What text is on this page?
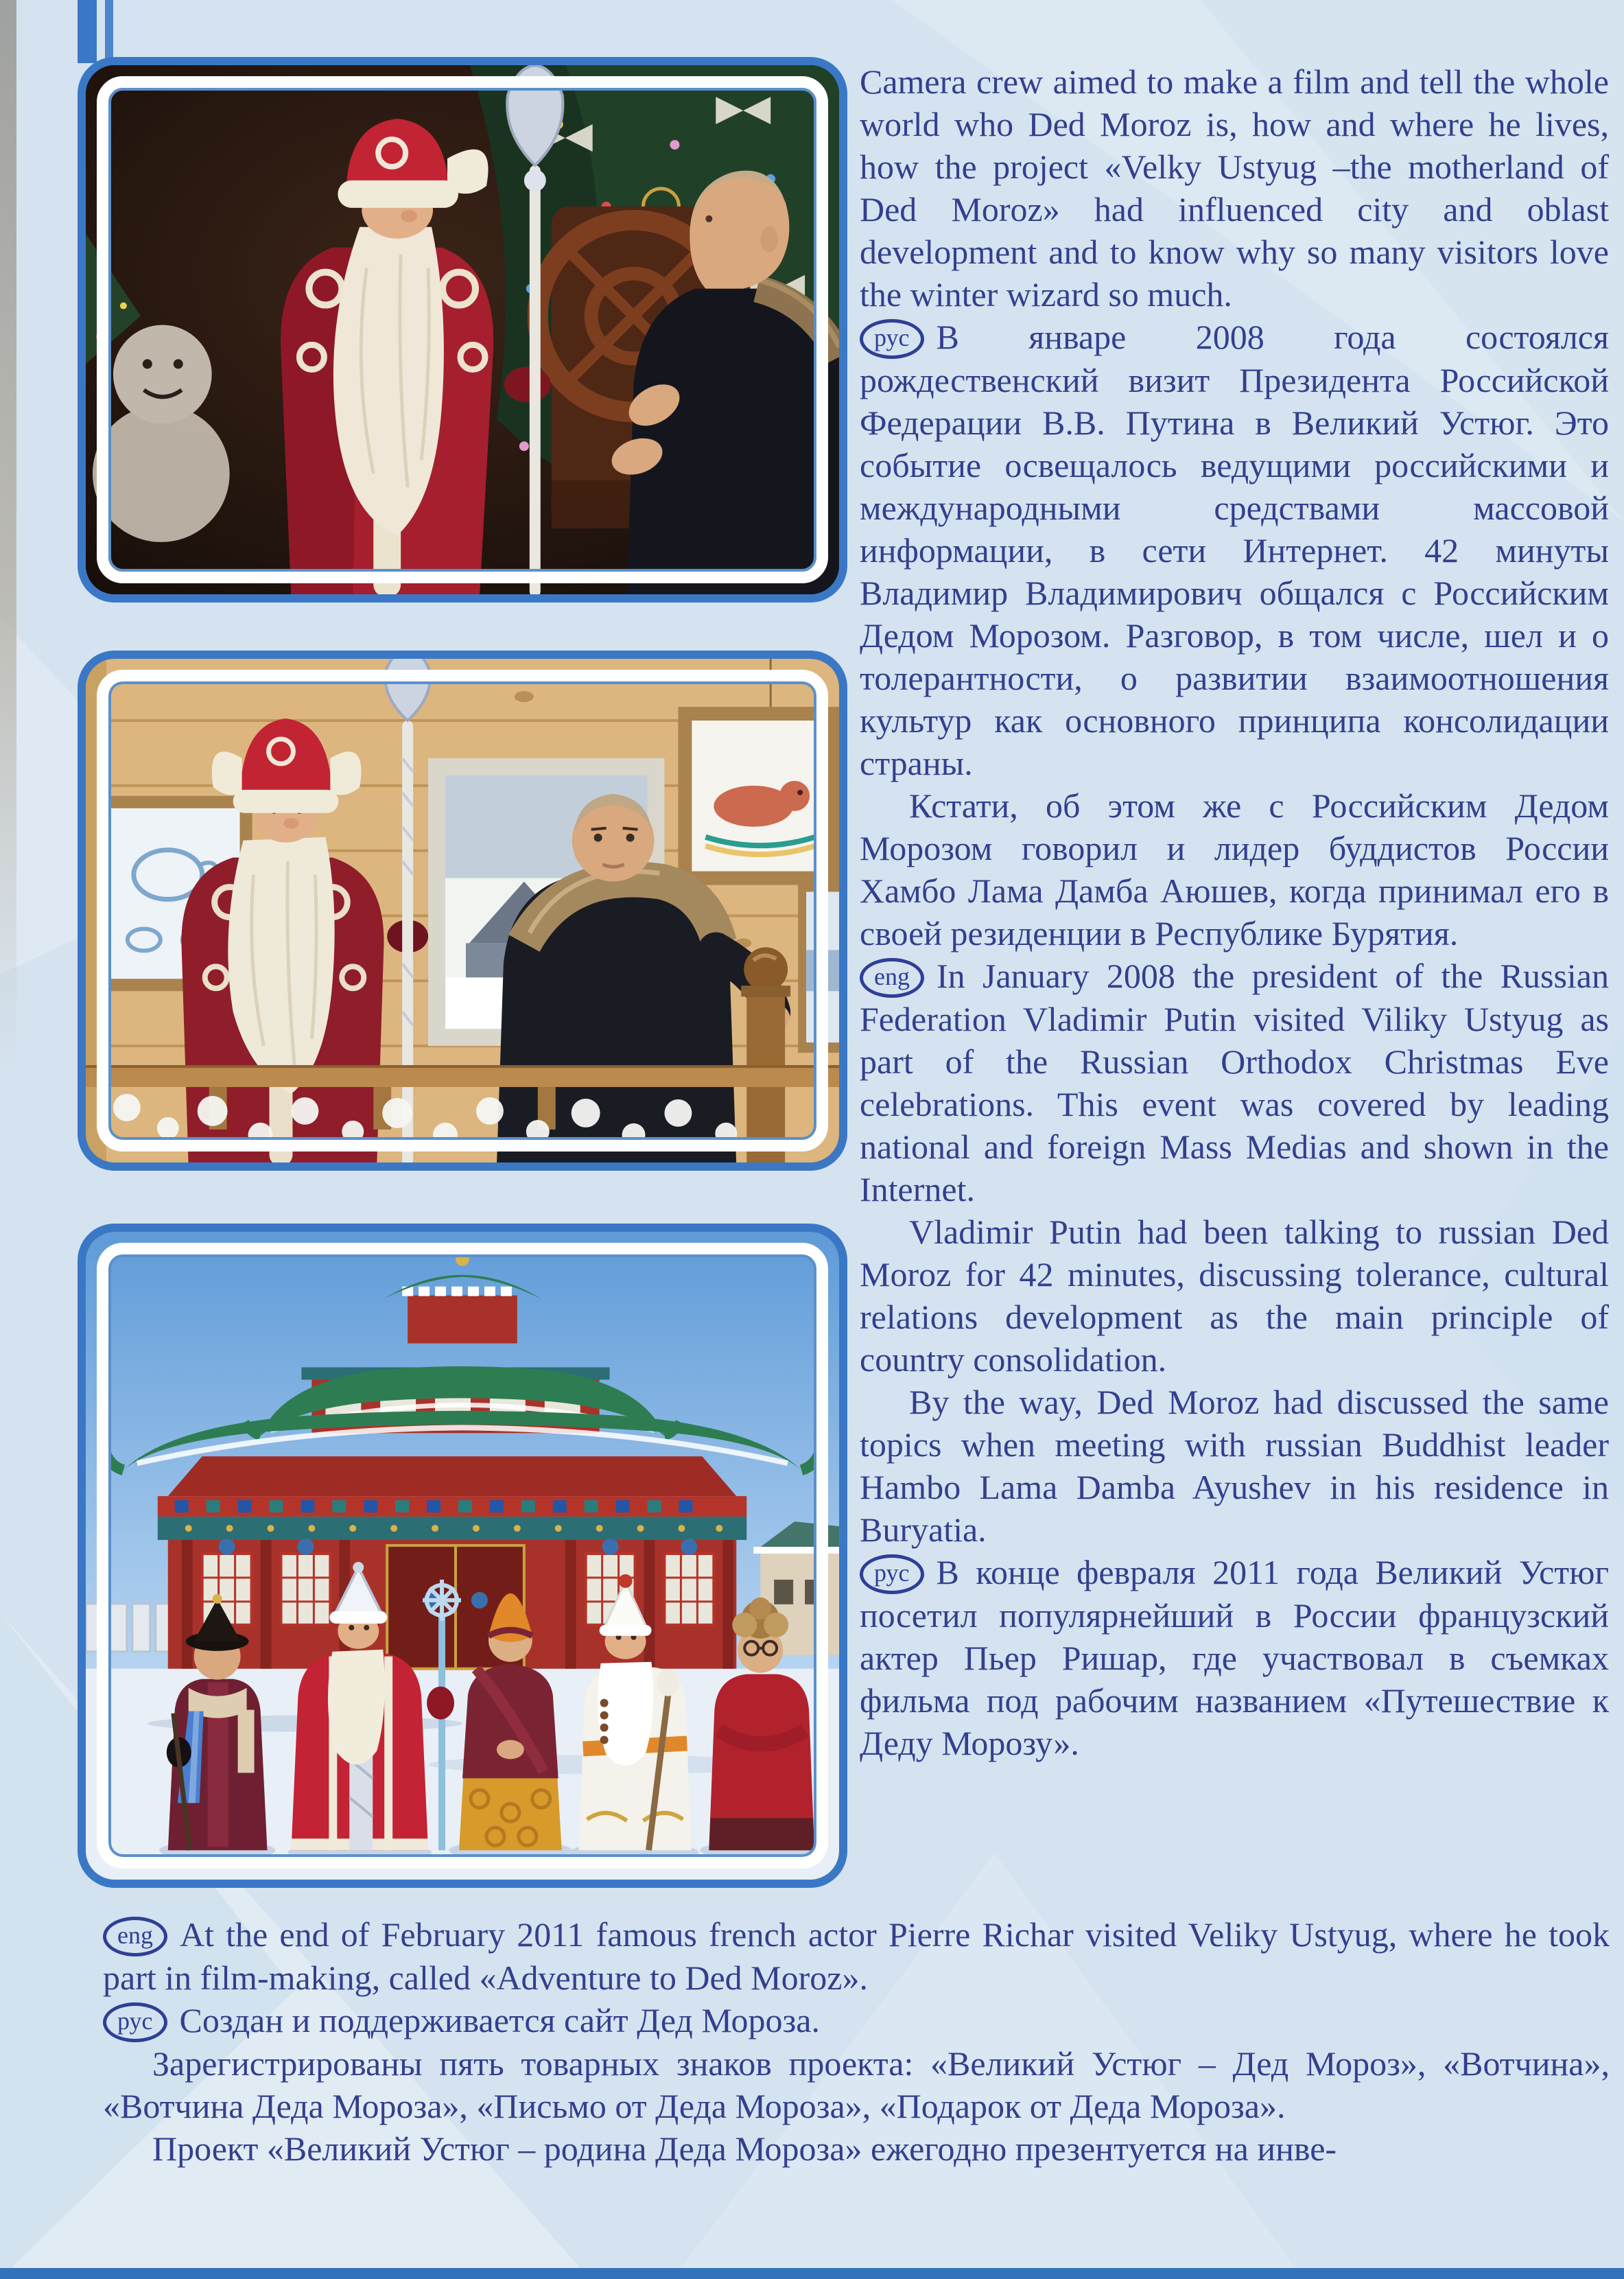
Camera crew aimed to make a film and tell the whole world who Ded Moroz is, how and where he lives, how the project «Velky Ustyug –the motherland of Ded Moroz» had influenced city and oblast development and to know why so many visitors love the winter wizard so much.

рус В январе 2008 года состоялся рождественский визит Президента Российской Федерации В.В. Путина в Великий Устюг. Это событие освещалось ведущими российскими и международными средствами массовой информации, в сети Интернет. 42 минуты Владимир Владимирович общался с Российским Дедом Морозом. Разговор, в том числе, шел и о толерантности, о развитии взаимоотношения культур как основного принципа консолидации страны.

Кстати, об этом же с Российским Дедом Морозом говорил и лидер буддистов России Хамбо Лама Дамба Аюшев, когда принимал его в своей резиденции в Республике Бурятия.

eng In January 2008 the president of the Russian Federation Vladimir Putin visited Viliky Ustyug as part of the Russian Orthodox Christmas Eve celebrations. This event was covered by leading national and foreign Mass Medias and shown in the Internet.

Vladimir Putin had been talking to russian Ded Moroz for 42 minutes, discussing tolerance, cultural relations development as the main principle of country consolidation.

By the way, Ded Moroz had discussed the same topics when meeting with russian Buddhist leader Hambo Lama Damba Ayushev in his residence in Buryatia.

рус В конце февраля 2011 года Великий Устюг посетил популярнейший в России французский актер Пьер Ришар, где участвовал в съемках фильма под рабочим названием «Путешествие к Деду Морозу».

eng At the end of February 2011 famous french actor Pierre Richar visited Veliky Ustyug, where he took part in film-making, called «Adventure to Ded Moroz».

рус Создан и поддерживается сайт Дед Мороза.

Зарегистрированы пять товарных знаков проекта: «Великий Устюг – Дед Мороз», «Вотчина», «Вотчина Деда Мороза», «Письмо от Деда Мороза», «Подарок от Деда Мороза».

Проект «Великий Устюг – родина Деда Мороза» ежегодно презентуется на инве-
